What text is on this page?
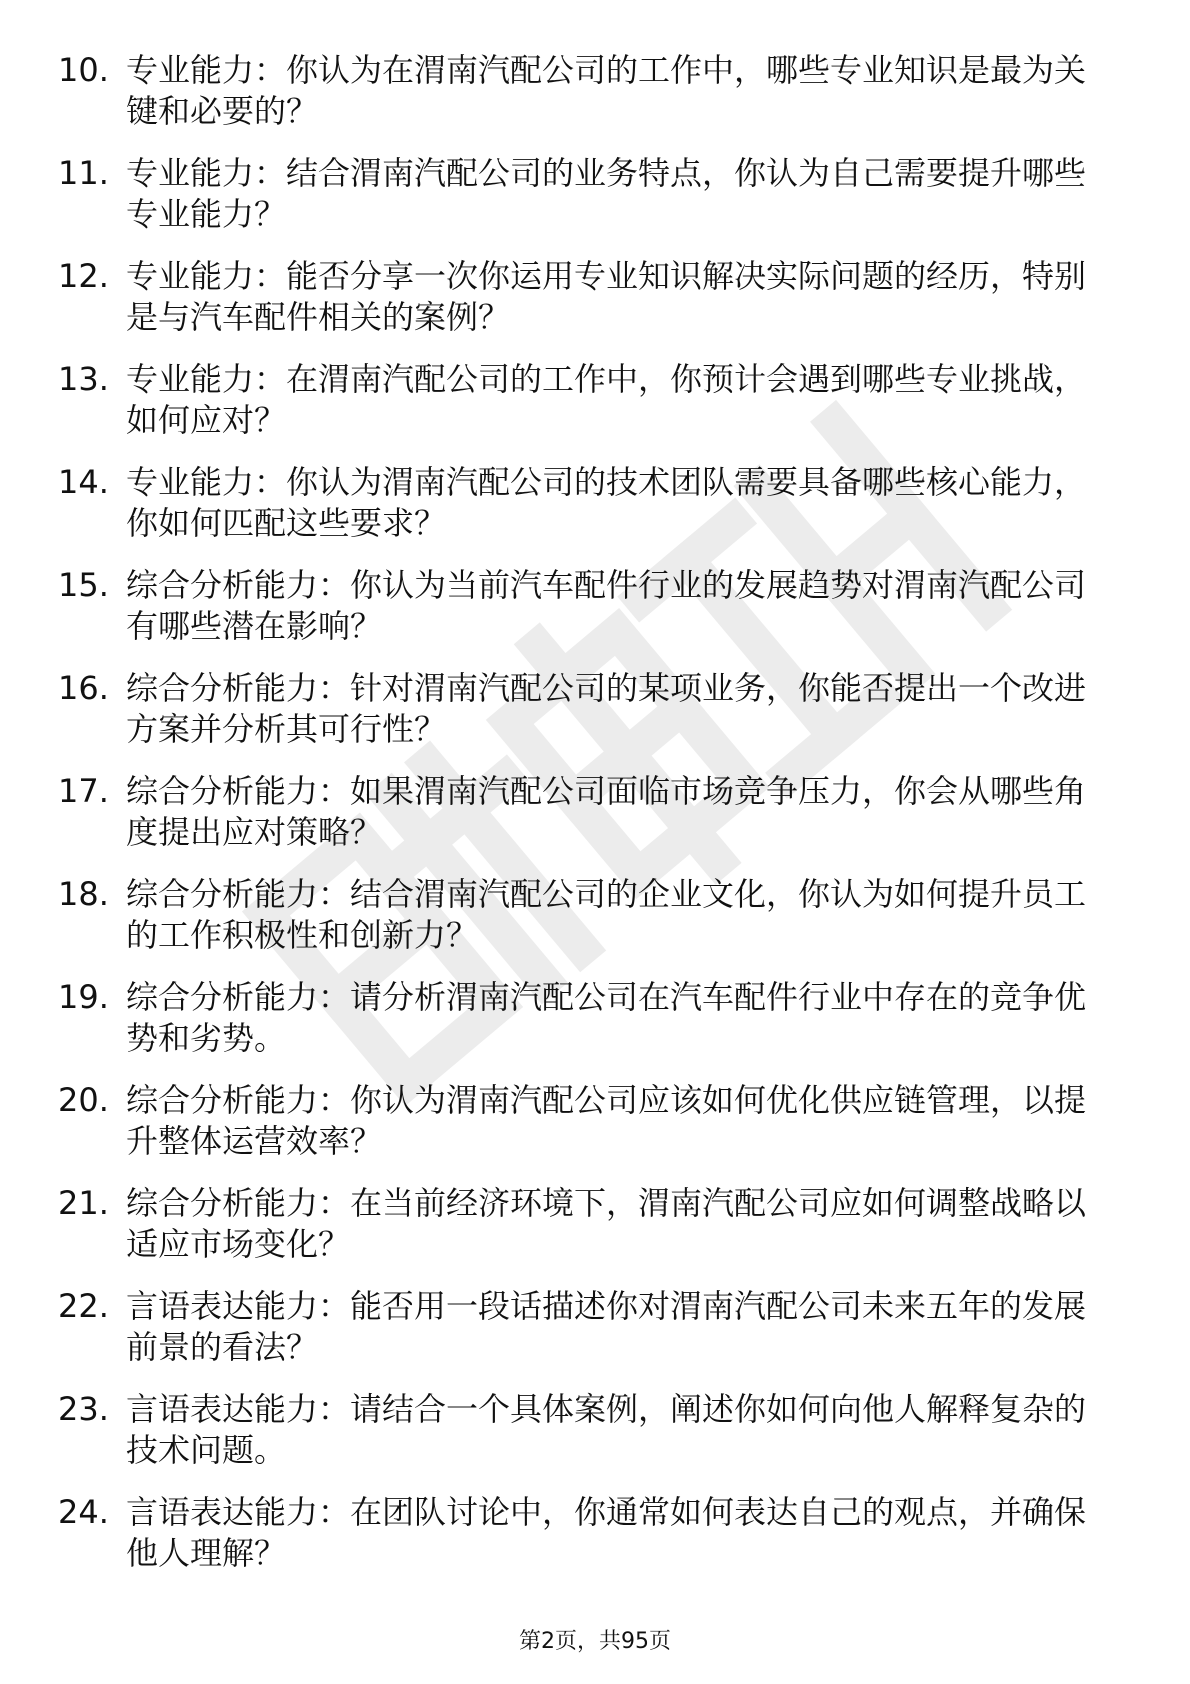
10. 专业能力：你认为在渭南汽配公司的工作中，哪些专业知识是最为关键和必要的？
11. 专业能力：结合渭南汽配公司的业务特点，你认为自己需要提升哪些专业能力？
12. 专业能力：能否分享一次你运用专业知识解决实际问题的经历，特别是与汽车配件相关的案例？
13. 专业能力：在渭南汽配公司的工作中，你预计会遇到哪些专业挑战，如何应对？
14. 专业能力：你认为渭南汽配公司的技术团队需要具备哪些核心能力，你如何匹配这些要求？
15. 综合分析能力：你认为当前汽车配件行业的发展趋势对渭南汽配公司有哪些潜在影响？
16. 综合分析能力：针对渭南汽配公司的某项业务，你能否提出一个改进方案并分析其可行性？
17. 综合分析能力：如果渭南汽配公司面临市场竞争压力，你会从哪些角度提出应对策略？
18. 综合分析能力：结合渭南汽配公司的企业文化，你认为如何提升员工的工作积极性和创新力？
19. 综合分析能力：请分析渭南汽配公司在汽车配件行业中存在的竞争优势和劣势。
20. 综合分析能力：你认为渭南汽配公司应该如何优化供应链管理，以提升整体运营效率？
21. 综合分析能力：在当前经济环境下，渭南汽配公司应如何调整战略以适应市场变化？
22. 言语表达能力：能否用一段话描述你对渭南汽配公司未来五年的发展前景的看法？
23. 言语表达能力：请结合一个具体案例，阐述你如何向他人解释复杂的技术问题。
24. 言语表达能力：在团队讨论中，你通常如何表达自己的观点，并确保他人理解？
第2页，共95页
